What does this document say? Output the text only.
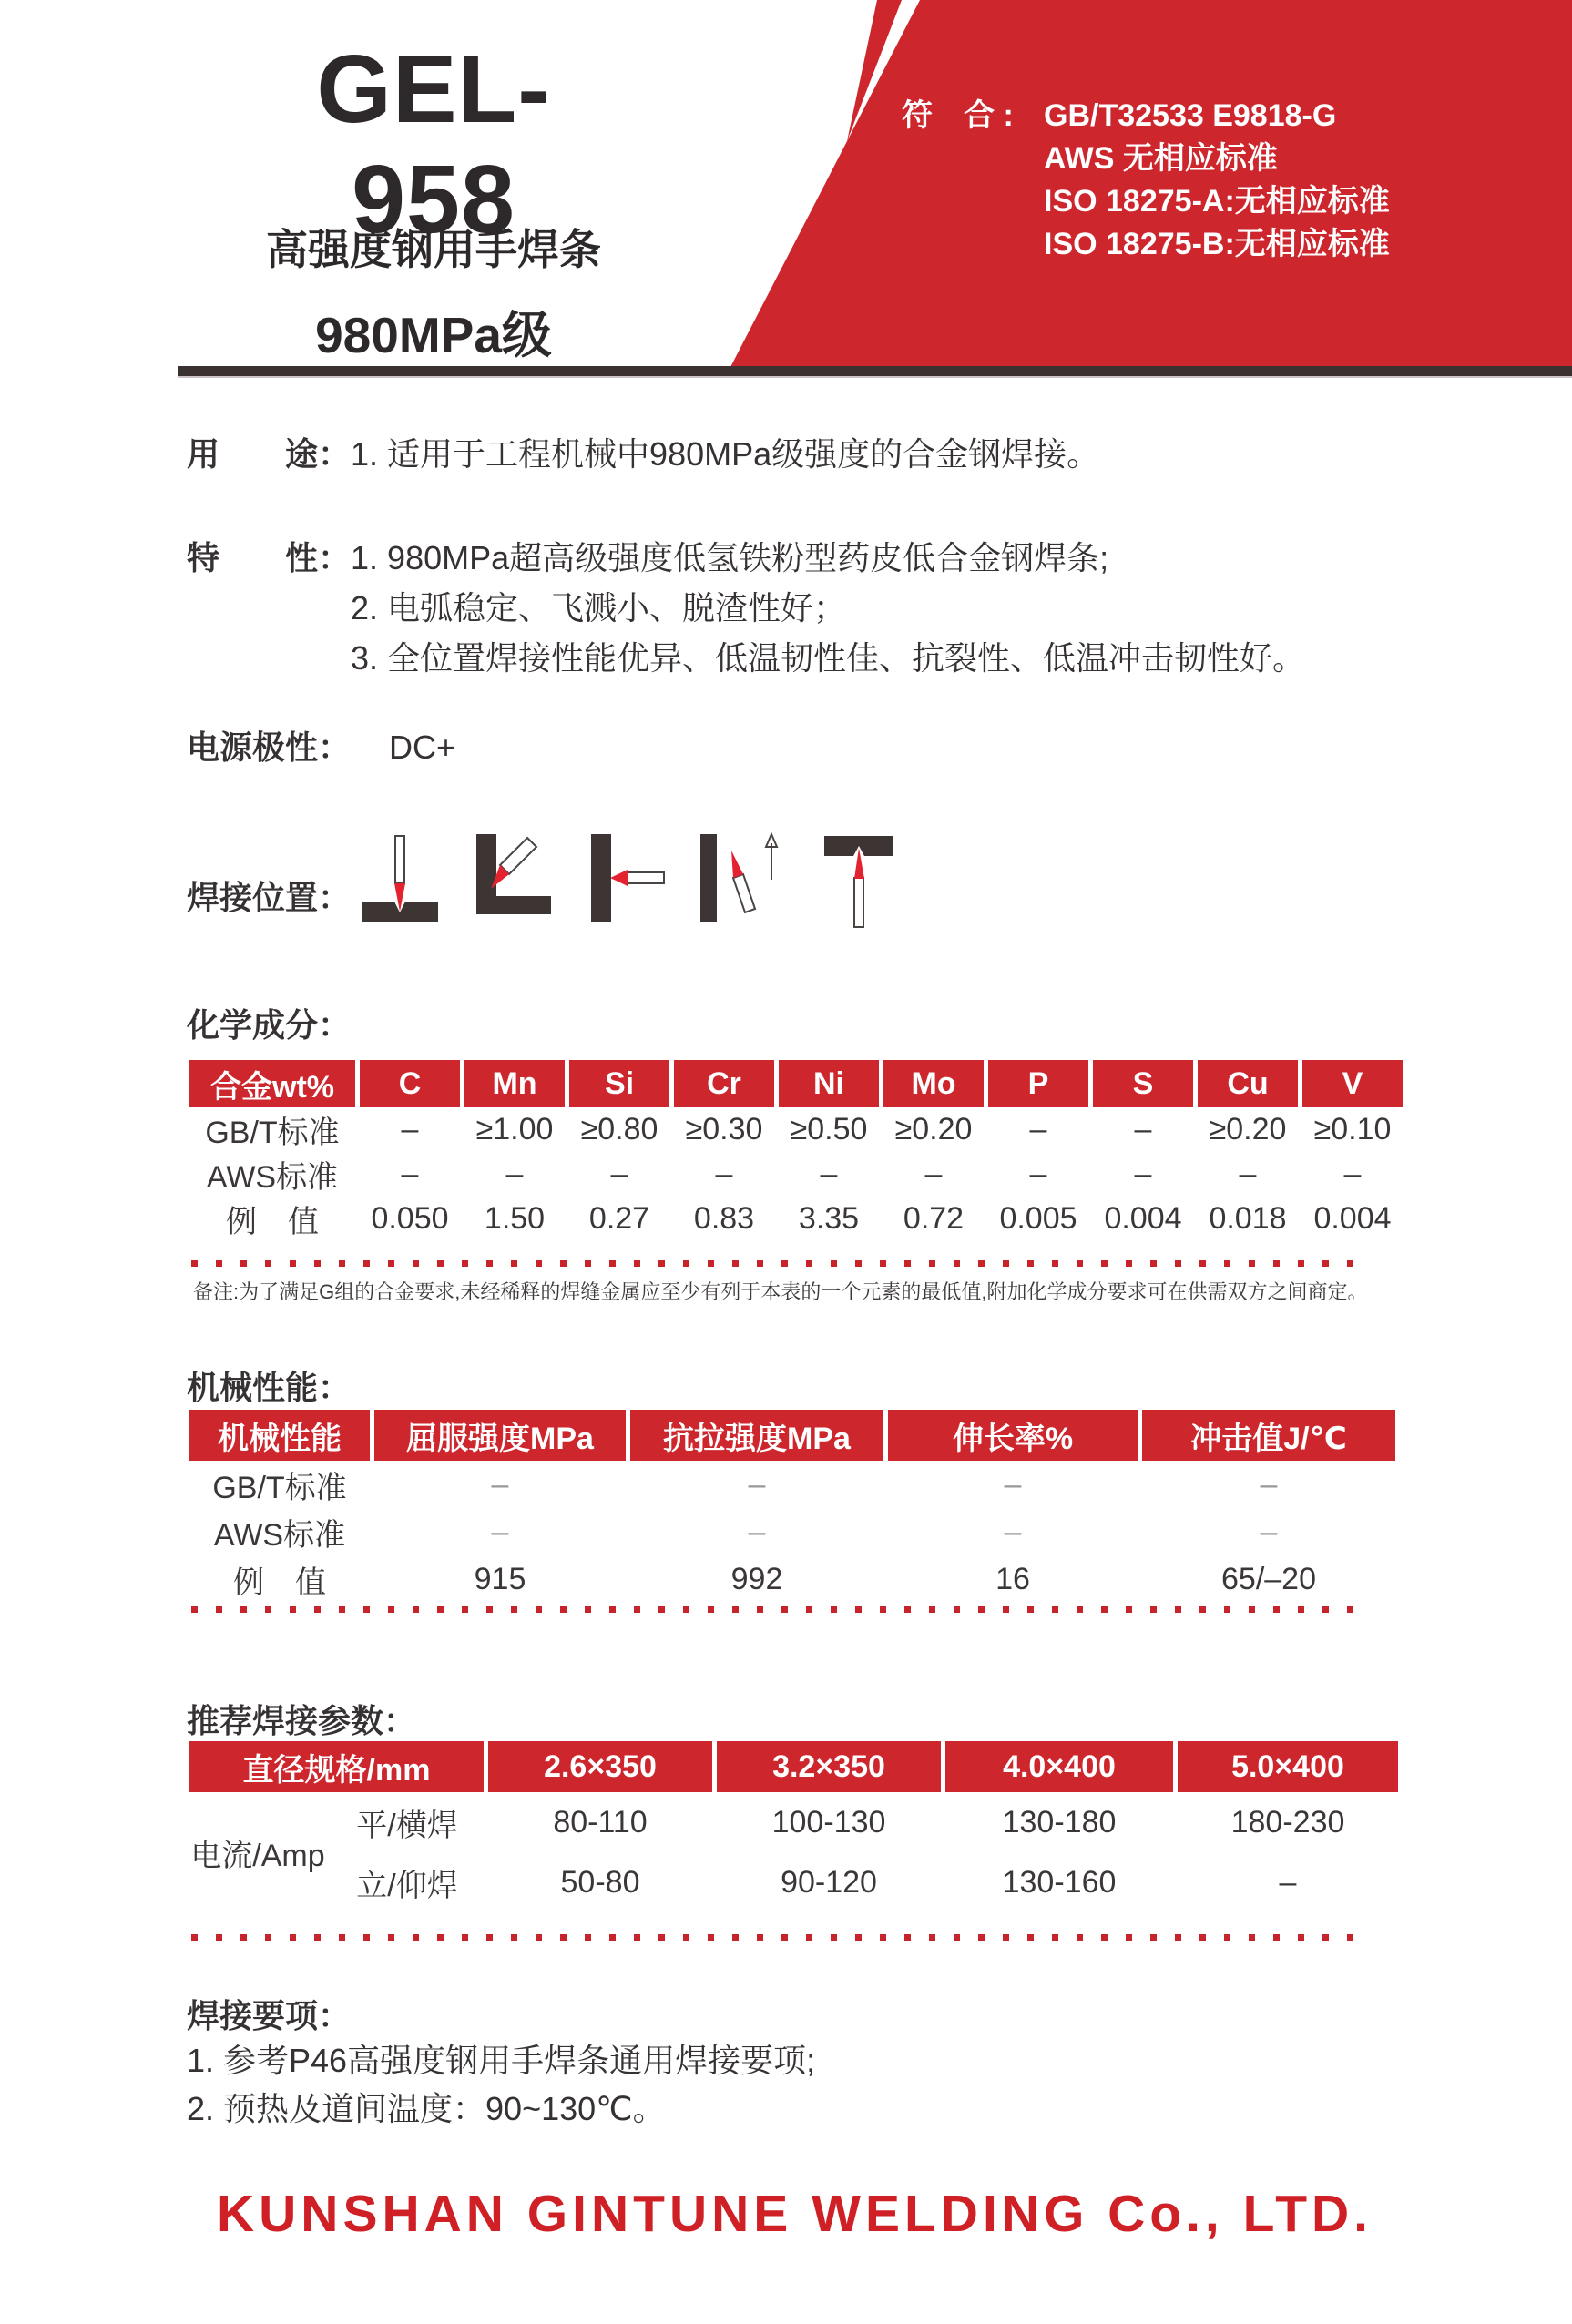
符　合 : GB/T32533 E9818-G
AWS 无相应标准
ISO 18275-A:无相应标准
ISO 18275-B:无相应标准
GEL-958
高强度钢用手焊条
980MPa级
用　　途： 1. 适用于工程机械中980MPa级强度的合金钢焊接。
特　　性： 1. 980MPa超高级强度低氢铁粉型药皮低合金钢焊条;
2. 电弧稳定、飞溅小、脱渣性好；
3. 全位置焊接性能优异、低温韧性佳、抗裂性、低温冲击韧性好。
电源极性： DC+
焊接位置：
化学成分：
合金wt%	C	Mn	Si	Cr	Ni	Mo	P	S	Cu	V
GB/T标准	–	≥1.00	≥0.80	≥0.30	≥0.50	≥0.20	–	–	≥0.20	≥0.10
AWS标准	–	–	–	–	–	–	–	–	–	–
例　值	0.050	1.50	0.27	0.83	3.35	0.72	0.005	0.004	0.018	0.004
备注:为了满足G组的合金要求,未经稀释的焊缝金属应至少有列于本表的一个元素的最低值,附加化学成分要求可在供需双方之间商定。
机械性能：
机械性能	屈服强度MPa	抗拉强度MPa	伸长率%	冲击值J/℃
GB/T标准	–	–	–	–
AWS标准	–	–	–	–
例　值	915	992	16	65/–20
推荐焊接参数：
直径规格/mm		2.6×350	3.2×350	4.0×400	5.0×400
电流/Amp	平/横焊	80-110	100-130	130-180	180-230
	立/仰焊	50-80	90-120	130-160	–
焊接要项：
1. 参考P46高强度钢用手焊条通用焊接要项;
2. 预热及道间温度：90~130℃。
KUNSHAN GINTUNE WELDING Co., LTD.
